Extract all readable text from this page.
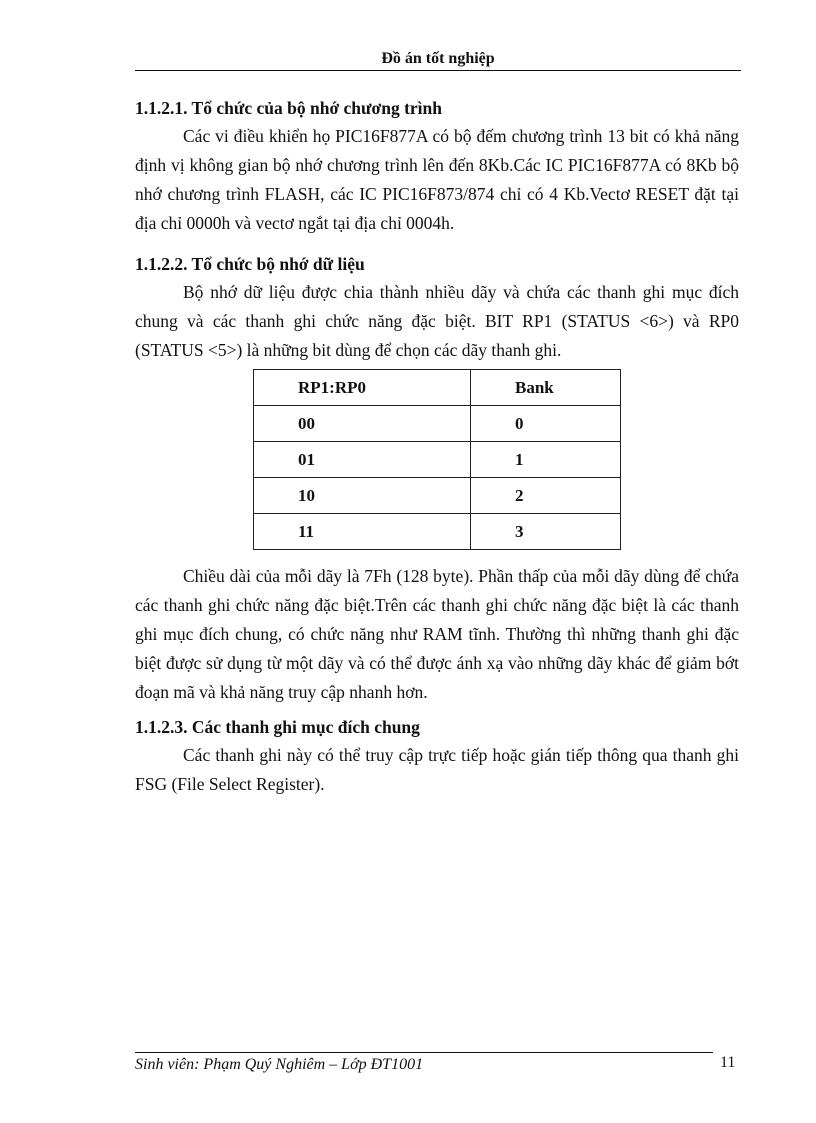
Đồ án tốt nghiệp
1.1.2.1. Tổ chức của bộ nhớ chương trình

Các vi điều khiển họ PIC16F877A có bộ đếm chương trình 13 bit có khả năng định vị không gian bộ nhớ chương trình lên đến 8Kb.Các IC PIC16F877A có 8Kb bộ nhớ chương trình FLASH, các IC PIC16F873/874 chỉ có 4 Kb.Vectơ RESET đặt tại địa chỉ 0000h và vectơ ngắt tại địa chỉ 0004h.

1.1.2.2. Tổ chức bộ nhớ dữ liệu

Bộ nhớ dữ liệu được chia thành nhiều dãy và chứa các thanh ghi mục đích chung và các thanh ghi chức năng đặc biệt. BIT RP1 (STATUS <6>) và RP0 (STATUS <5>) là những bit dùng để chọn các dãy thanh ghi.

RP1:RP0	Bank
00	0
01	1
10	2
11	3

Chiều dài của mỗi dãy là 7Fh (128 byte). Phần thấp của mỗi dãy dùng để chứa các thanh ghi chức năng đặc biệt.Trên các thanh ghi chức năng đặc biệt là các thanh ghi mục đích chung, có chức năng như RAM tĩnh. Thường thì những thanh ghi đặc biệt được sử dụng từ một dãy và có thể được ánh xạ vào những dãy khác để giảm bớt đoạn mã và khả năng truy cập nhanh hơn.

1.1.2.3. Các thanh ghi mục đích chung

Các thanh ghi này có thể truy cập trực tiếp hoặc gián tiếp thông qua thanh ghi FSG (File Select Register).

Sinh viên: Phạm Quý Nghiêm – Lớp ĐT1001	11
